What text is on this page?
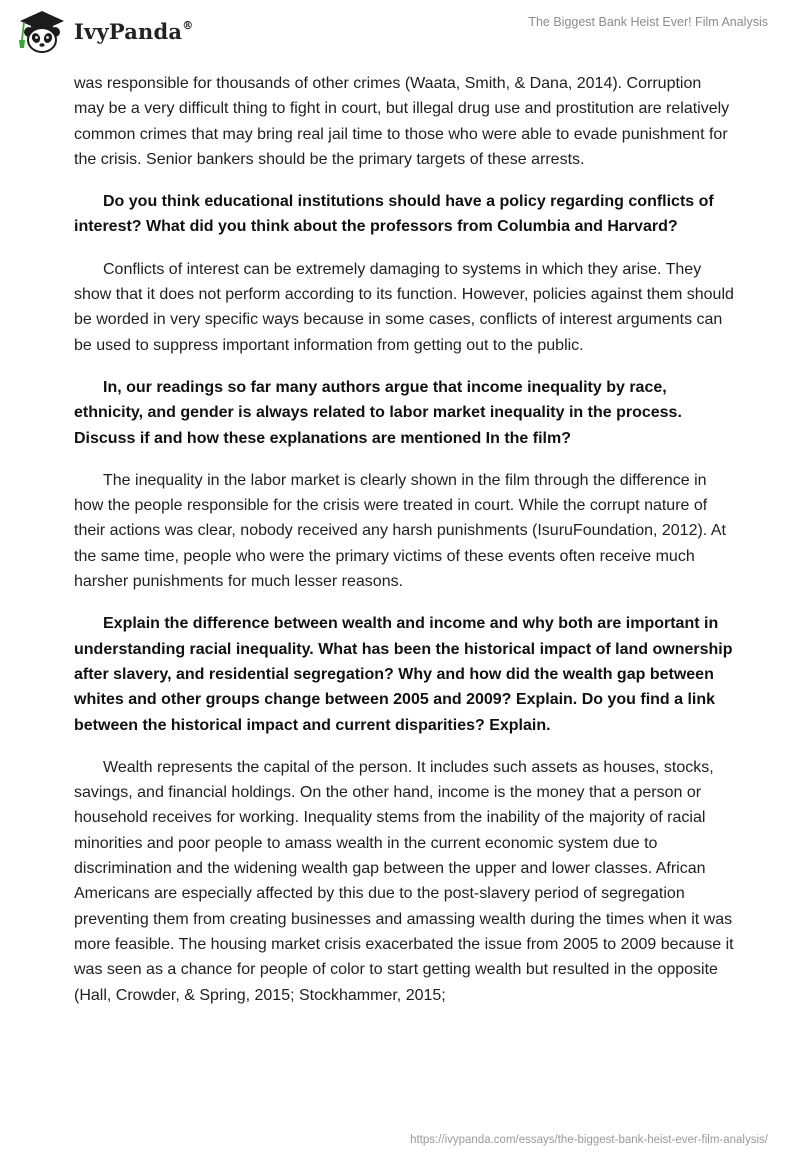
IvyPanda®	The Biggest Bank Heist Ever! Film Analysis

was responsible for thousands of other crimes (Waata, Smith, & Dana, 2014). Corruption may be a very difficult thing to fight in court, but illegal drug use and prostitution are relatively common crimes that may bring real jail time to those who were able to evade punishment for the crisis. Senior bankers should be the primary targets of these arrests.

Do you think educational institutions should have a policy regarding conflicts of interest? What did you think about the professors from Columbia and Harvard?

Conflicts of interest can be extremely damaging to systems in which they arise. They show that it does not perform according to its function. However, policies against them should be worded in very specific ways because in some cases, conflicts of interest arguments can be used to suppress important information from getting out to the public.

In, our readings so far many authors argue that income inequality by race, ethnicity, and gender is always related to labor market inequality in the process. Discuss if and how these explanations are mentioned In the film?

The inequality in the labor market is clearly shown in the film through the difference in how the people responsible for the crisis were treated in court. While the corrupt nature of their actions was clear, nobody received any harsh punishments (IsuruFoundation, 2012). At the same time, people who were the primary victims of these events often receive much harsher punishments for much lesser reasons.

Explain the difference between wealth and income and why both are important in understanding racial inequality. What has been the historical impact of land ownership after slavery, and residential segregation? Why and how did the wealth gap between whites and other groups change between 2005 and 2009? Explain. Do you find a link between the historical impact and current disparities? Explain.

Wealth represents the capital of the person. It includes such assets as houses, stocks, savings, and financial holdings. On the other hand, income is the money that a person or household receives for working. Inequality stems from the inability of the majority of racial minorities and poor people to amass wealth in the current economic system due to discrimination and the widening wealth gap between the upper and lower classes. African Americans are especially affected by this due to the post-slavery period of segregation preventing them from creating businesses and amassing wealth during the times when it was more feasible. The housing market crisis exacerbated the issue from 2005 to 2009 because it was seen as a chance for people of color to start getting wealth but resulted in the opposite (Hall, Crowder, & Spring, 2015; Stockhammer, 2015;

https://ivypanda.com/essays/the-biggest-bank-heist-ever-film-analysis/
